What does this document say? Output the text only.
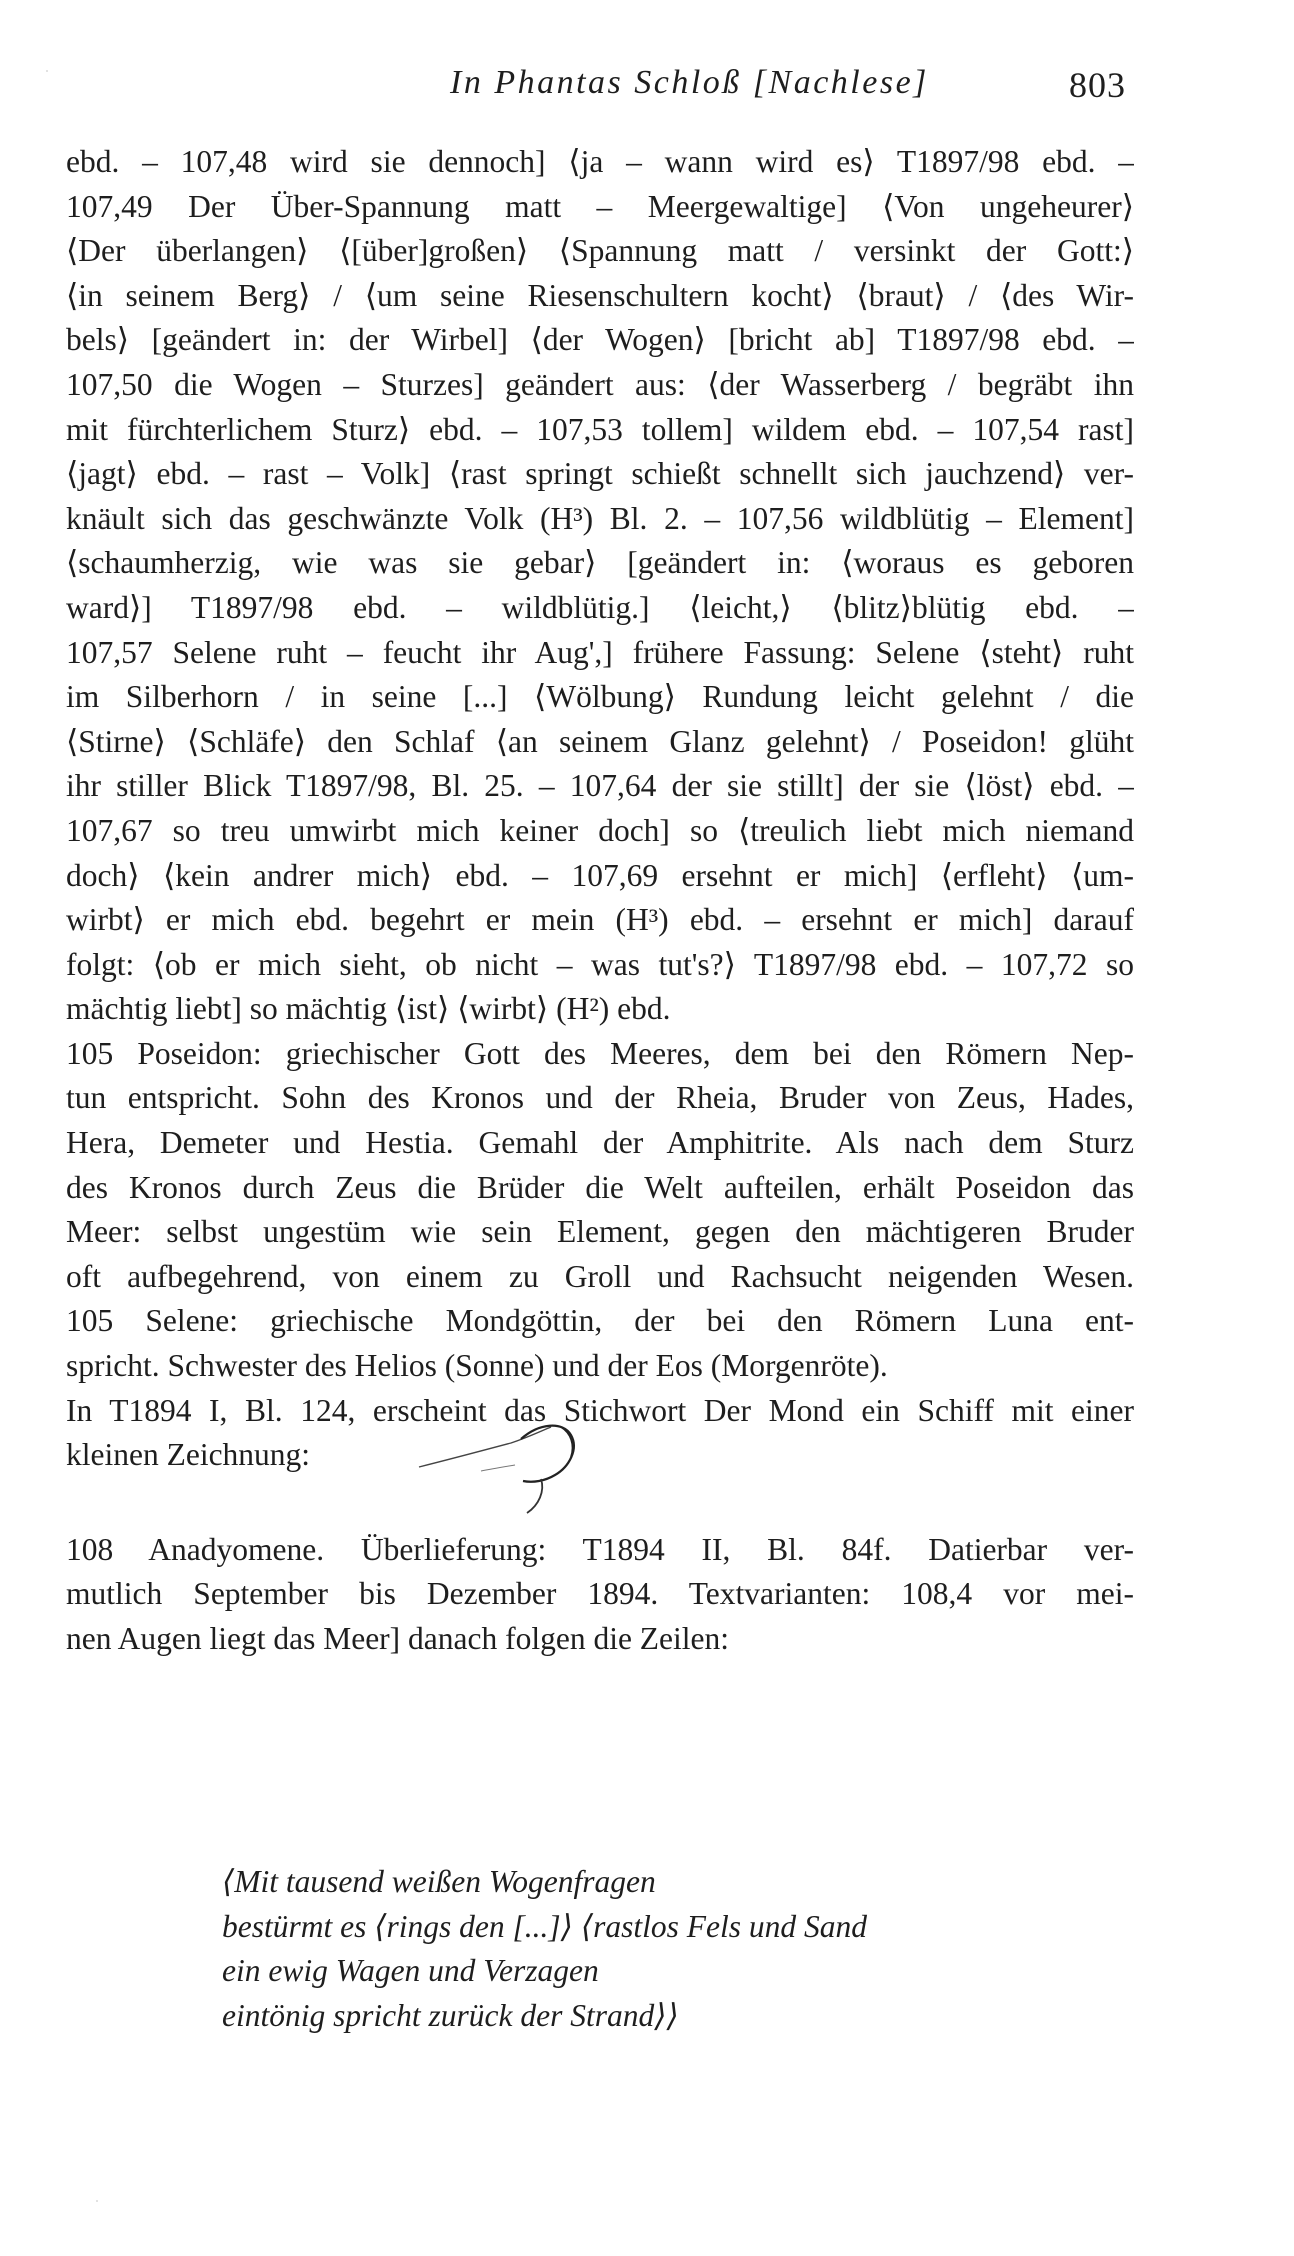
In Phantas Schloß [Nachlese]	803
ebd. – 107,48 wird sie dennoch] ⟨ja – wann wird es⟩ T1897/98 ebd. –
107,49 Der Über-Spannung matt – Meergewaltige] ⟨Von ungeheurer⟩
⟨Der überlangen⟩ ⟨[über]großen⟩ ⟨Spannung matt / versinkt der Gott:⟩
⟨in seinem Berg⟩ / ⟨um seine Riesenschultern kocht⟩ ⟨braut⟩ / ⟨des Wir-
bels⟩ [geändert in: der Wirbel] ⟨der Wogen⟩ [bricht ab] T1897/98 ebd. –
107,50 die Wogen – Sturzes] geändert aus: ⟨der Wasserberg / begräbt ihn
mit fürchterlichem Sturz⟩ ebd. – 107,53 tollem] wildem ebd. – 107,54 rast]
⟨jagt⟩ ebd. – rast – Volk] ⟨rast springt schießt schnellt sich jauchzend⟩ ver-
knäult sich das geschwänzte Volk (H³) Bl. 2. – 107,56 wildblütig – Element]
⟨schaumherzig, wie was sie gebar⟩ [geändert in: ⟨woraus es geboren
ward⟩] T1897/98 ebd. – wildblütig.] ⟨leicht,⟩ ⟨blitz⟩blütig ebd. –
107,57 Selene ruht – feucht ihr Aug',] frühere Fassung: Selene ⟨steht⟩ ruht
im Silberhorn / in seine [...] ⟨Wölbung⟩ Rundung leicht gelehnt / die
⟨Stirne⟩ ⟨Schläfe⟩ den Schlaf ⟨an seinem Glanz gelehnt⟩ / Poseidon! glüht
ihr stiller Blick T1897/98, Bl. 25. – 107,64 der sie stillt] der sie ⟨löst⟩ ebd. –
107,67 so treu umwirbt mich keiner doch] so ⟨treulich liebt mich niemand
doch⟩ ⟨kein andrer mich⟩ ebd. – 107,69 ersehnt er mich] ⟨erfleht⟩ ⟨um-
wirbt⟩ er mich ebd. begehrt er mein (H³) ebd. – ersehnt er mich] darauf
folgt: ⟨ob er mich sieht, ob nicht – was tut's?⟩ T1897/98 ebd. – 107,72 so
mächtig liebt] so mächtig ⟨ist⟩ ⟨wirbt⟩ (H²) ebd.
105 Poseidon: griechischer Gott des Meeres, dem bei den Römern Nep-
tun entspricht. Sohn des Kronos und der Rheia, Bruder von Zeus, Hades,
Hera, Demeter und Hestia. Gemahl der Amphitrite. Als nach dem Sturz
des Kronos durch Zeus die Brüder die Welt aufteilen, erhält Poseidon das
Meer: selbst ungestüm wie sein Element, gegen den mächtigeren Bruder
oft aufbegehrend, von einem zu Groll und Rachsucht neigenden Wesen.
105 Selene: griechische Mondgöttin, der bei den Römern Luna ent-
spricht. Schwester des Helios (Sonne) und der Eos (Morgenröte).
In T1894 I, Bl. 124, erscheint das Stichwort Der Mond ein Schiff mit einer
kleinen Zeichnung:
108 Anadyomene. Überlieferung: T1894 II, Bl. 84f. Datierbar ver-
mutlich September bis Dezember 1894. Textvarianten: 108,4 vor mei-
nen Augen liegt das Meer] danach folgen die Zeilen:
⟨Mit tausend weißen Wogenfragen
bestürmt es ⟨rings den [...]⟩ ⟨rastlos Fels und Sand
ein ewig Wagen und Verzagen
eintönig spricht zurück der Strand⟩⟩
